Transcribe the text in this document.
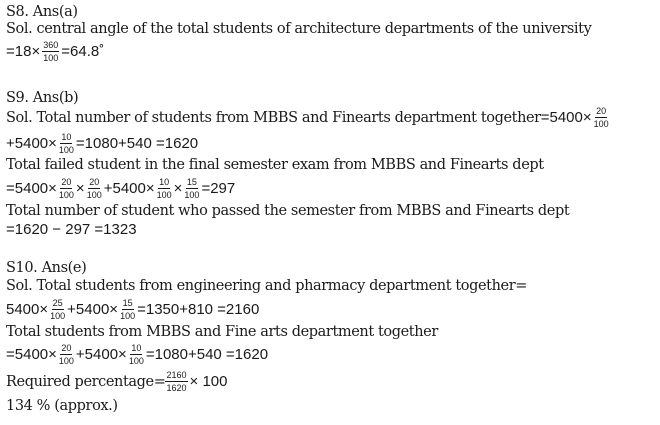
S8. Ans(a)
Sol. central angle of the total students of architecture departments of the university
$=18\times \frac{360}{100}$ =64.8˚
S9. Ans(b)
Sol. Total number of students from MBBS and Finearts department together $=5400\times \frac{20}{100}$
$+5400\times \frac{10}{100} =1080+540 =1620$
Total failed student in the final semester exam from MBBS and Finearts dept
$=5400\times \frac{20}{100} \times \frac{20}{100} +5400\times \frac{10}{100} \times \frac{15}{100} =297$
Total number of student who passed the semester from MBBS and Finearts dept
=1620 − 297 =1323
S10. Ans(e)
Sol. Total students from engineering and pharmacy department together=
$5400\times \frac{25}{100} +5400\times \frac{15}{100} =1350+810 =2160$
Total students from MBBS and Fine arts department together
$=5400\times \frac{20}{100} +5400\times \frac{10}{100} =1080+540 =1620$
Required percentage= $\frac{2160}{1620} \times 100$
134 % (approx.)
